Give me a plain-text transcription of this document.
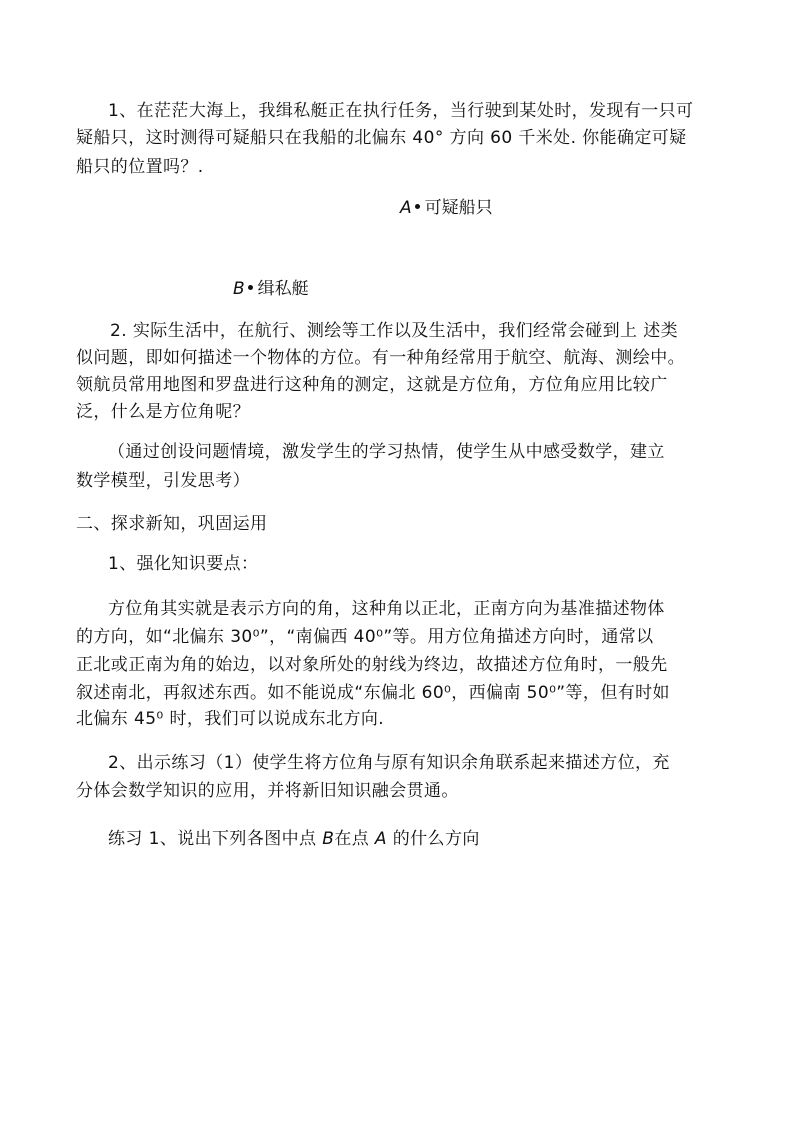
1、在茫茫大海上，我缉私艇正在执行任务，当行驶到某处时，发现有一只可
疑船只，这时测得可疑船只在我船的北偏东 40° 方向 60 千米处. 你能确定可疑
船只的位置吗？.
A 可疑船只
B 缉私艇
2. 实际生活中，在航行、测绘等工作以及生活中，我们经常会碰到上 述类
似问题，即如何描述一个物体的方位。有一种角经常用于航空、航海、测绘中。
领航员常用地图和罗盘进行这种角的测定，这就是方位角，方位角应用比较广
泛，什么是方位角呢？
（通过创设问题情境，激发学生的学习热情，使学生从中感受数学，建立
数学模型，引发思考）
二、探求新知，巩固运用
1、强化知识要点：
方位角其实就是表示方向的角，这种角以正北，正南方向为基准描述物体
的方向，如“北偏东 30⁰”，“南偏西 40⁰”等。用方位角描述方向时，通常以
正北或正南为角的始边，以对象所处的射线为终边，故描述方位角时，一般先
叙述南北，再叙述东西。如不能说成“东偏北 60⁰，西偏南 50⁰”等，但有时如
北偏东 45⁰ 时，我们可以说成东北方向.
2、出示练习（1）使学生将方位角与原有知识余角联系起来描述方位，充
分体会数学知识的应用，并将新旧知识融会贯通。
练习 1、说出下列各图中点 B在点 A 的什么方向
